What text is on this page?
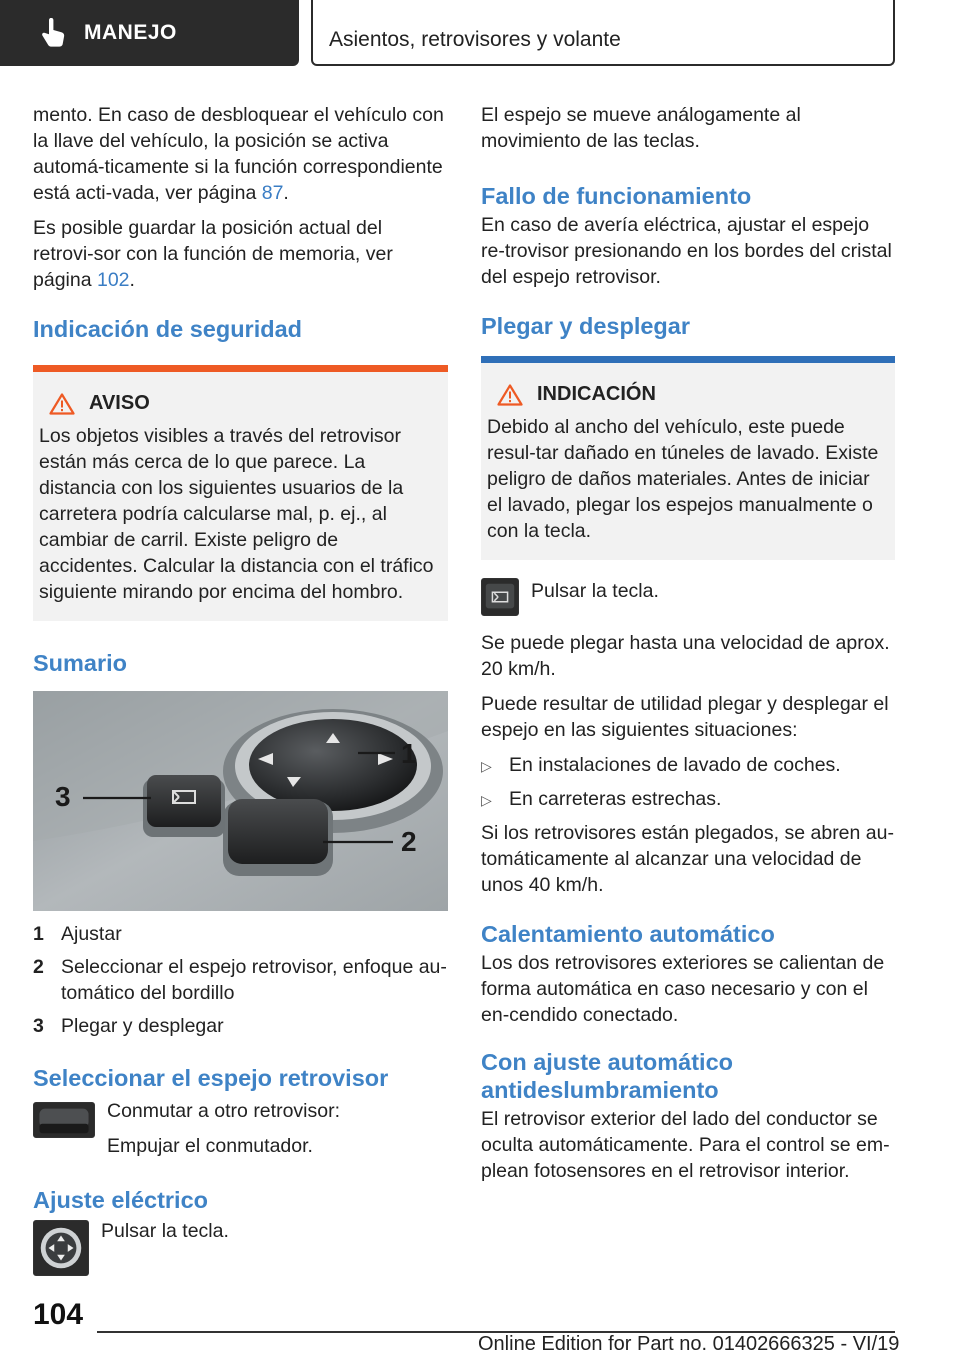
MANEJO	Asientos, retrovisores y volante

mento. En caso de desbloquear el vehículo con la llave del vehículo, la posición se activa automá‐ticamente si la función correspondiente está acti‐vada, ver página 87.

Es posible guardar la posición actual del retrovi‐sor con la función de memoria, ver página 102.

Indicación de seguridad
AVISO
Los objetos visibles a través del retrovisor están más cerca de lo que parece. La distancia con los siguientes usuarios de la carretera podría calcularse mal, p. ej., al cambiar de carril. Existe peligro de accidentes. Calcular la distancia con el tráfico siguiente mirando por encima del hombro.
Sumario
3
1
2
1 Ajustar
2 Seleccionar el espejo retrovisor, enfoque au‐tomático del bordillo
3 Plegar y desplegar
Seleccionar el espejo retrovisor

Conmutar a otro retrovisor:

Empujar el conmutador.

Ajuste eléctrico

Pulsar la tecla.

El espejo se mueve análogamente al movimiento de las teclas.

Fallo de funcionamiento

En caso de avería eléctrica, ajustar el espejo re‐trovisor presionando en los bordes del cristal del espejo retrovisor.

Plegar y desplegar
INDICACIÓN
Debido al ancho del vehículo, este puede resul‐tar dañado en túneles de lavado. Existe peligro de daños materiales. Antes de iniciar el lavado, plegar los espejos manualmente o con la tecla.

Pulsar la tecla.

Se puede plegar hasta una velocidad de aprox. 20 km/h.

Puede resultar de utilidad plegar y desplegar el espejo en las siguientes situaciones:

▷ En instalaciones de lavado de coches.
▷ En carreteras estrechas.

Si los retrovisores están plegados, se abren au‐tomáticamente al alcanzar una velocidad de unos 40 km/h.

Calentamiento automático

Los dos retrovisores exteriores se calientan de forma automática en caso necesario y con el en‐cendido conectado.

Con ajuste automático
antideslumbramiento

El retrovisor exterior del lado del conductor se oculta automáticamente. Para el control se em‐plean fotosensores en el retrovisor interior.

104
Online Edition for Part no. 01402666325 - VI/19
